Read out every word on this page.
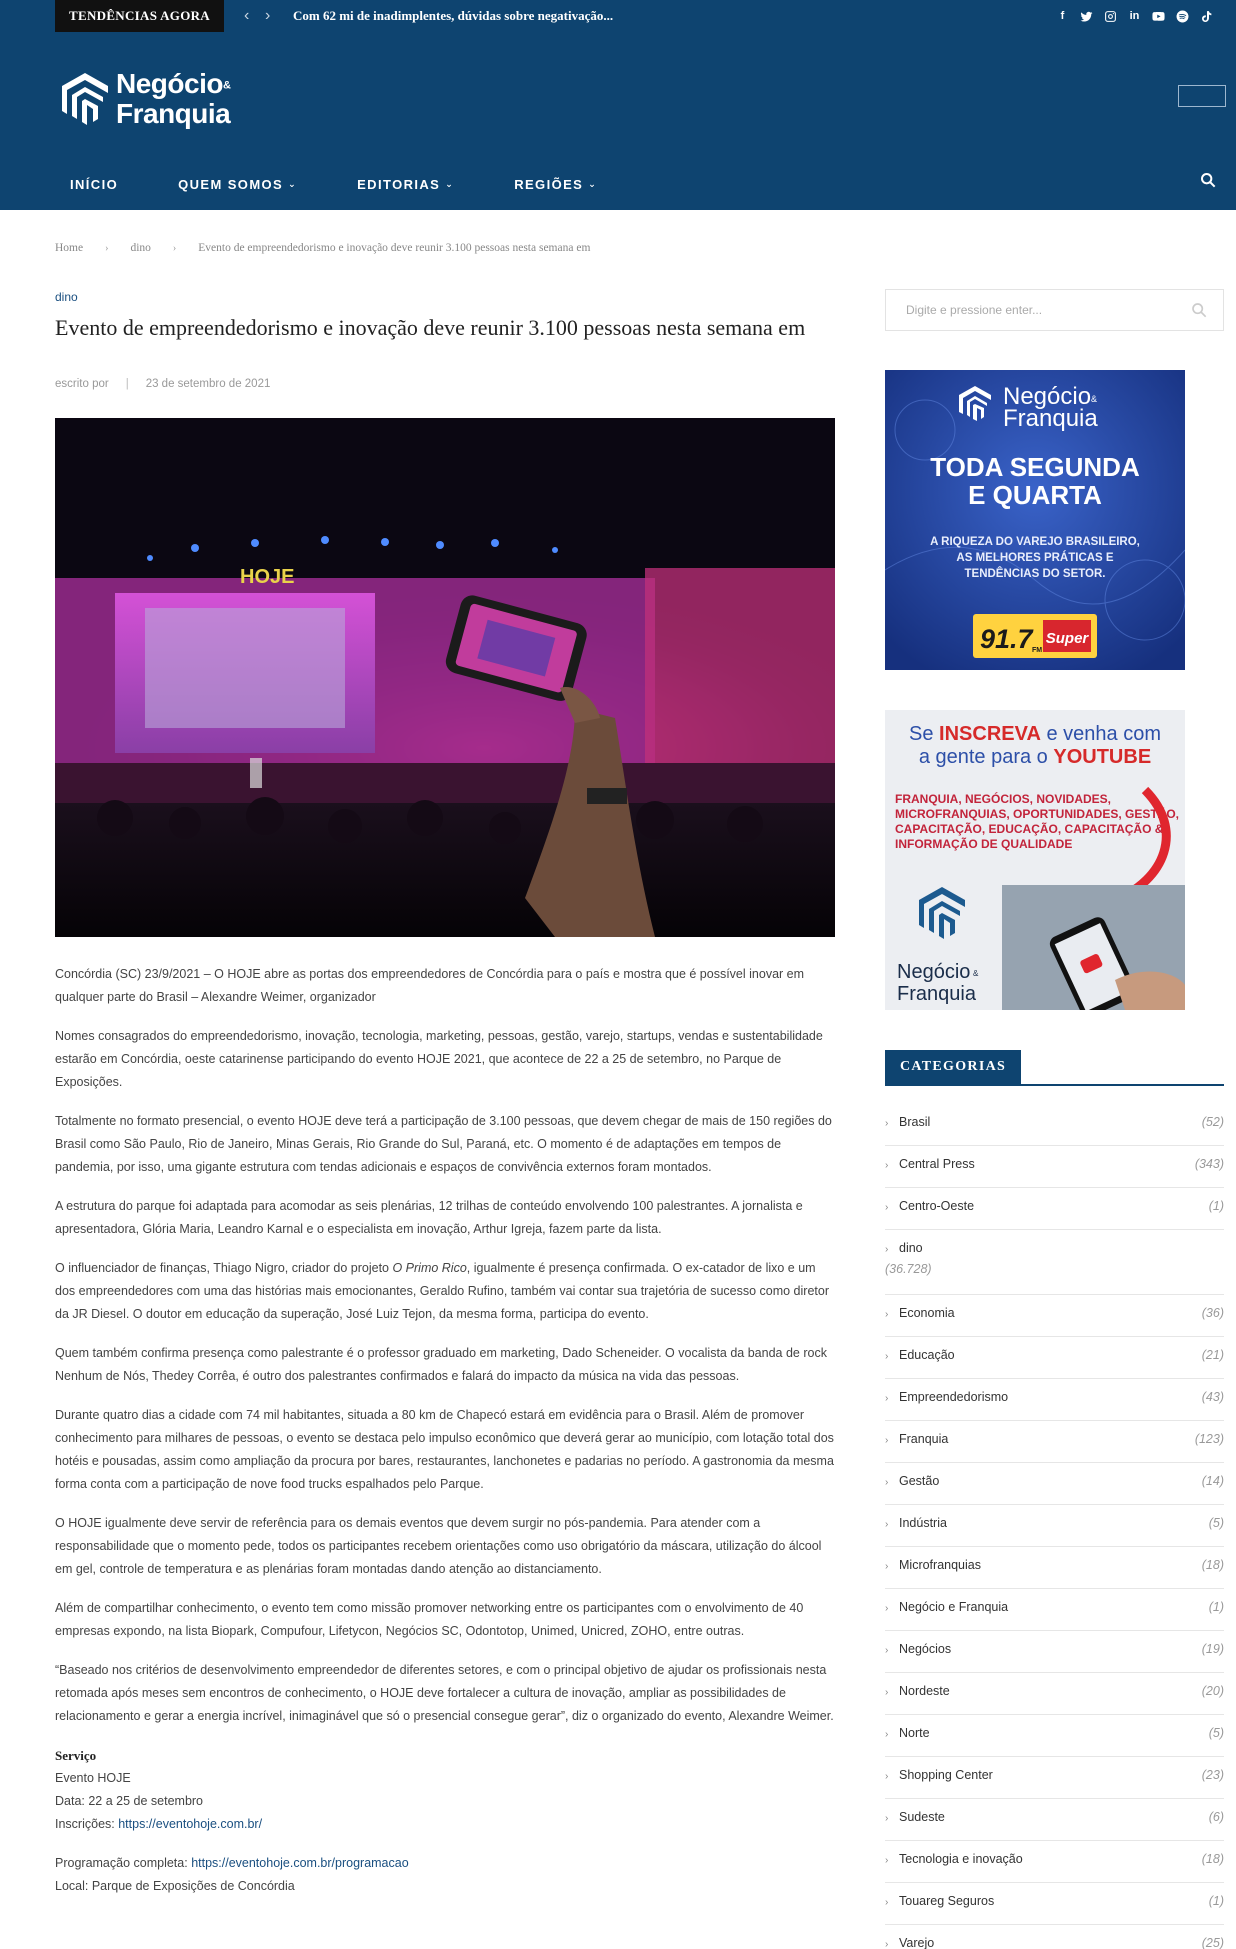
TENDÊNCIAS AGORA	‹ › Com 62 mi de inadimplentes, dúvidas sobre negativação...	f	in
Negócio&
Franquia
INÍCIO	QUEM SOMOS ⌄	EDITORIAS ⌄	REGIÕES ⌄
Home › dino › Evento de empreendedorismo e inovação deve reunir 3.100 pessoas nesta semana em
dino
Evento de empreendedorismo e inovação deve reunir 3.100 pessoas nesta semana em
escrito por | 23 de setembro de 2021
HOJE

Concórdia (SC) 23/9/2021 – O HOJE abre as portas dos empreendedores de Concórdia para o país e mostra que é possível inovar em qualquer parte do Brasil – Alexandre Weimer, organizador

Nomes consagrados do empreendedorismo, inovação, tecnologia, marketing, pessoas, gestão, varejo, startups, vendas e sustentabilidade estarão em Concórdia, oeste catarinense participando do evento HOJE 2021, que acontece de 22 a 25 de setembro, no Parque de Exposições.

Totalmente no formato presencial, o evento HOJE deve terá a participação de 3.100 pessoas, que devem chegar de mais de 150 regiões do Brasil como São Paulo, Rio de Janeiro, Minas Gerais, Rio Grande do Sul, Paraná, etc. O momento é de adaptações em tempos de pandemia, por isso, uma gigante estrutura com tendas adicionais e espaços de convivência externos foram montados.

A estrutura do parque foi adaptada para acomodar as seis plenárias, 12 trilhas de conteúdo envolvendo 100 palestrantes. A jornalista e apresentadora, Glória Maria, Leandro Karnal e o especialista em inovação, Arthur Igreja, fazem parte da lista.

O influenciador de finanças, Thiago Nigro, criador do projeto O Primo Rico, igualmente é presença confirmada. O ex-catador de lixo e um dos empreendedores com uma das histórias mais emocionantes, Geraldo Rufino, também vai contar sua trajetória de sucesso como diretor da JR Diesel. O doutor em educação da superação, José Luiz Tejon, da mesma forma, participa do evento.

Quem também confirma presença como palestrante é o professor graduado em marketing, Dado Scheneider. O vocalista da banda de rock Nenhum de Nós, Thedey Corrêa, é outro dos palestrantes confirmados e falará do impacto da música na vida das pessoas.

Durante quatro dias a cidade com 74 mil habitantes, situada a 80 km de Chapecó estará em evidência para o Brasil. Além de promover conhecimento para milhares de pessoas, o evento se destaca pelo impulso econômico que deverá gerar ao município, com lotação total dos hotéis e pousadas, assim como ampliação da procura por bares, restaurantes, lanchonetes e padarias no período. A gastronomia da mesma forma conta com a participação de nove food trucks espalhados pelo Parque.

O HOJE igualmente deve servir de referência para os demais eventos que devem surgir no pós-pandemia. Para atender com a responsabilidade que o momento pede, todos os participantes recebem orientações como uso obrigatório da máscara, utilização do álcool em gel, controle de temperatura e as plenárias foram montadas dando atenção ao distanciamento.

Além de compartilhar conhecimento, o evento tem como missão promover networking entre os participantes com o envolvimento de 40 empresas expondo, na lista Biopark, Compufour, Lifetycon, Negócios SC, Odontotop, Unimed, Unicred, ZOHO, entre outras.

“Baseado nos critérios de desenvolvimento empreendedor de diferentes setores, e com o principal objetivo de ajudar os profissionais nesta retomada após meses sem encontros de conhecimento, o HOJE deve fortalecer a cultura de inovação, ampliar as possibilidades de relacionamento e gerar a energia incrível, inimaginável que só o presencial consegue gerar”, diz o organizado do evento, Alexandre Weimer.

Serviço
Evento HOJE
Data: 22 a 25 de setembro
Inscrições: https://eventohoje.com.br/

Programação completa: https://eventohoje.com.br/programacao
Local: Parque de Exposições de Concórdia

Digite e pressione enter...
Negócio &
Franquia
TODA SEGUNDA
E QUARTA
A RIQUEZA DO VAREJO BRASILEIRO,
AS MELHORES PRÁTICAS E
TENDÊNCIAS DO SETOR.
91.7 FM
Super
Se INSCREVA e venha com
a gente para o YOUTUBE
FRANQUIA, NEGÓCIOS, NOVIDADES,
MICROFRANQUIAS, OPORTUNIDADES, GESTÃO,
CAPACITAÇÃO, EDUCAÇÃO, CAPACITAÇÃO &
INFORMAÇÃO DE QUALIDADE
Negócio &
Franquia
CATEGORIAS
› Brasil	(52)
› Central Press	(343)
› Centro-Oeste	(1)
› dino
(36.728)
› Economia	(36)
› Educação	(21)
› Empreendedorismo	(43)
› Franquia	(123)
› Gestão	(14)
› Indústria	(5)
› Microfranquias	(18)
› Negócio e Franquia	(1)
› Negócios	(19)
› Nordeste	(20)
› Norte	(5)
› Shopping Center	(23)
› Sudeste	(6)
› Tecnologia e inovação	(18)
› Touareg Seguros	(1)
› Varejo	(25)
